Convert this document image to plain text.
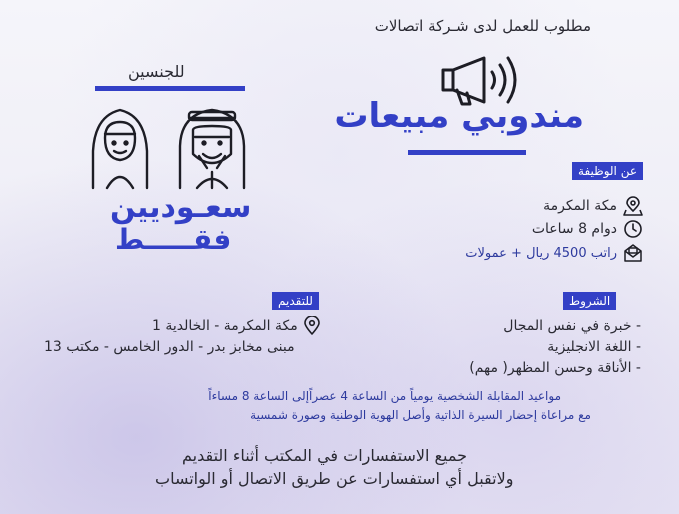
مطلوب للعمل لدى شـركة اتصالات
مندوبي مبيعات
للجنسين
سعـوديين
فقـــــط
عن الوظيفة
مكة المكرمة
دوام 8 ساعات
راتب 4500 ريال + عمولات
الشروط
- خبرة في نفس المجال
- اللغة الانجليزية
- الأناقة وحسن المظهر( مهم)
للتقديم
مكة المكرمة - الخالدية 1
مبنى مخابز بدر - الدور الخامس - مكتب 13
مواعيد المقابلة الشخصية يومياً من الساعة 4 عصراًإلى الساعة 8 مساءاً
مع مراعاة إحضار السيرة الذاتية وأصل الهوية الوطنية وصورة شمسية
جميع الاستفسارات في المكتب أثناء التقديم
ولاتقبل أي استفسارات عن طريق الاتصال أو الواتساب
